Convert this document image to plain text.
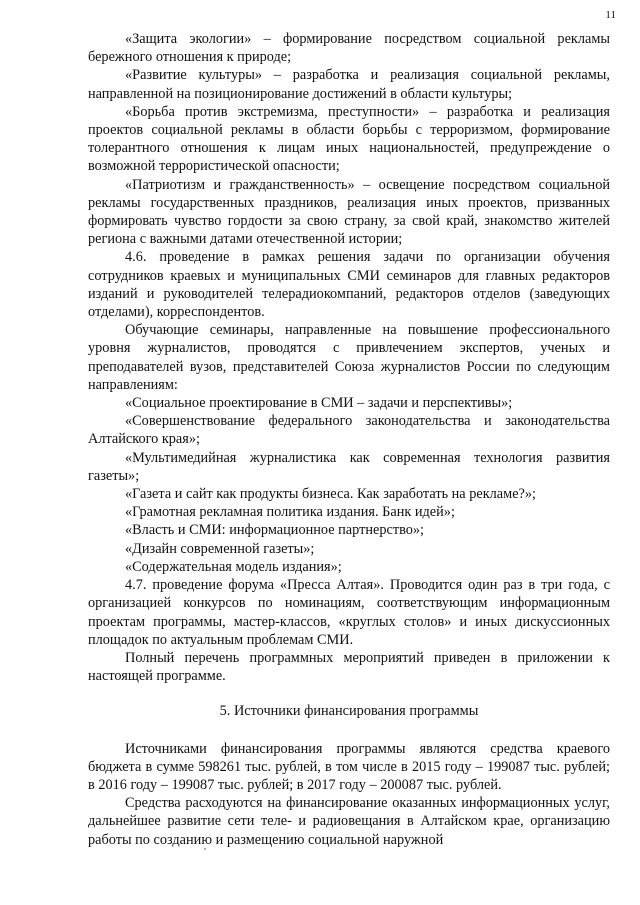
11

«Защита экологии» – формирование посредством социальной рекламы бережного отношения к природе;

«Развитие культуры» – разработка и реализация социальной рекламы, направленной на позиционирование достижений в области культуры;

«Борьба против экстремизма, преступности» – разработка и реализация проектов социальной рекламы в области борьбы с терроризмом, формирование толерантного отношения к лицам иных национальностей, предупреждение о возможной террористической опасности;

«Патриотизм и гражданственность» – освещение посредством социальной рекламы государственных праздников, реализация иных проектов, призванных формировать чувство гордости за свою страну, за свой край, знакомство жителей региона с важными датами отечественной истории;

4.6. проведение в рамках решения задачи по организации обучения сотрудников краевых и муниципальных СМИ семинаров для главных редакторов изданий и руководителей телерадиокомпаний, редакторов отделов (заведующих отделами), корреспондентов.

Обучающие семинары, направленные на повышение профессионального уровня журналистов, проводятся с привлечением экспертов, ученых и преподавателей вузов, представителей Союза журналистов России по следующим направлениям:

«Социальное проектирование в СМИ – задачи и перспективы»;

«Совершенствование федерального законодательства и законодательства Алтайского края»;

«Мультимедийная журналистика как современная технология развития газеты»;

«Газета и сайт как продукты бизнеса. Как заработать на рекламе?»;

«Грамотная рекламная политика издания. Банк идей»;

«Власть и СМИ: информационное партнерство»;

«Дизайн современной газеты»;

«Содержательная модель издания»;

4.7. проведение форума «Пресса Алтая». Проводится один раз в три года, с организацией конкурсов по номинациям, соответствующим информационным проектам программы, мастер-классов, «круглых столов» и иных дискуссионных площадок по актуальным проблемам СМИ.

Полный перечень программных мероприятий приведен в приложении к настоящей программе.

5. Источники финансирования программы

Источниками финансирования программы являются средства краевого бюджета в сумме 598261 тыс. рублей, в том числе в 2015 году – 199087 тыс. рублей; в 2016 году – 199087 тыс. рублей; в 2017 году – 200087 тыс. рублей.

Средства расходуются на финансирование оказанных информационных услуг, дальнейшее развитие сети теле- и радиовещания в Алтайском крае, организацию работы по созданию и размещению социальной наружной
